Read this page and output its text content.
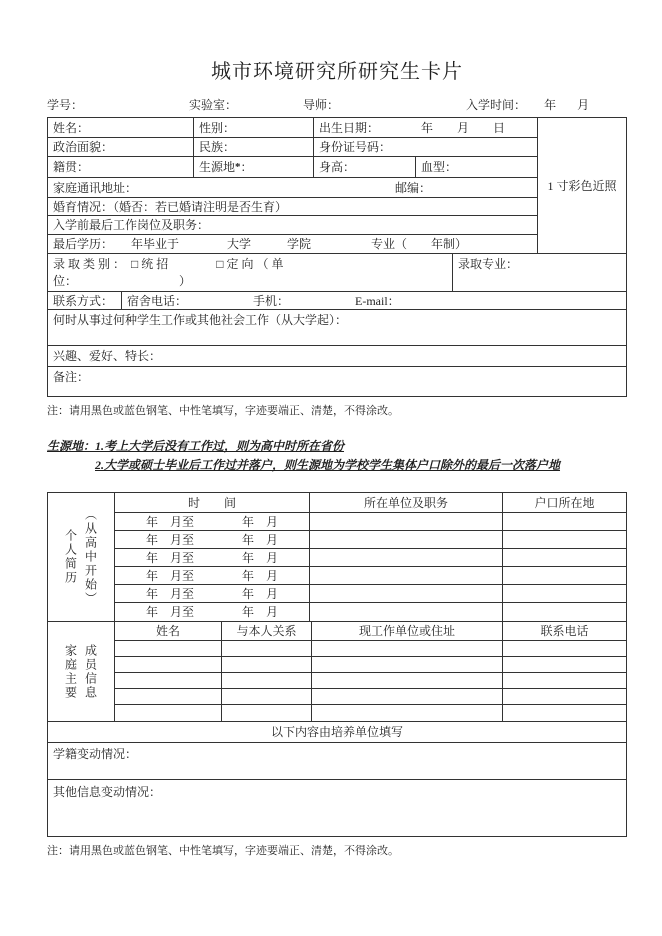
城市环境研究所研究生卡片
学号：	实验室：	导师：	入学时间： 年 月
姓名：	性别：	出生日期：　　　　年　　月　　日
政治面貌：	民族：	身份证号码：
籍贯：	生源地 * ：	身高：	血型：
家庭通讯地址：	邮编：
婚育情况：（婚否：若已婚请注明是否生育）
入学前最后工作岗位及职务：
最后学历：　　年毕业于　　　　大学　　　学院　　　　　专业（　　年制）
1 寸彩色近照
录 取 类 别 ：　□ 统 招　　　　□ 定 向 （ 单
位：　　　　　　　　　）
录取专业：
联系方式：	宿舍电话：　　　　　　手机：　　　　　　E-mail：
何时从事过何种学生工作或其他社会工作（从大学起）：
兴趣、爱好、特长：
备注：
注：请用黑色或蓝色钢笔、中性笔填写，字迹要端正、清楚，不得涂改。
生源地：1.考上大学后没有工作过，则为高中时所在省份
2.大学或硕士毕业后工作过并落户，则生源地为学校学生集体户口除外的最后一次落户地
个人简历 （从高中开始）
时　　间	所在单位及职务	户口所在地
年　月至　　　　年　月
年　月至　　　　年　月
年　月至　　　　年　月
年　月至　　　　年　月
年　月至　　　　年　月
年　月至　　　　年　月
家庭主要 成员信息
姓名	与本人关系	现工作单位或住址	联系电话
以下内容由培养单位填写
学籍变动情况：
其他信息变动情况：
注：请用黑色或蓝色钢笔、中性笔填写，字迹要端正、清楚，不得涂改。
